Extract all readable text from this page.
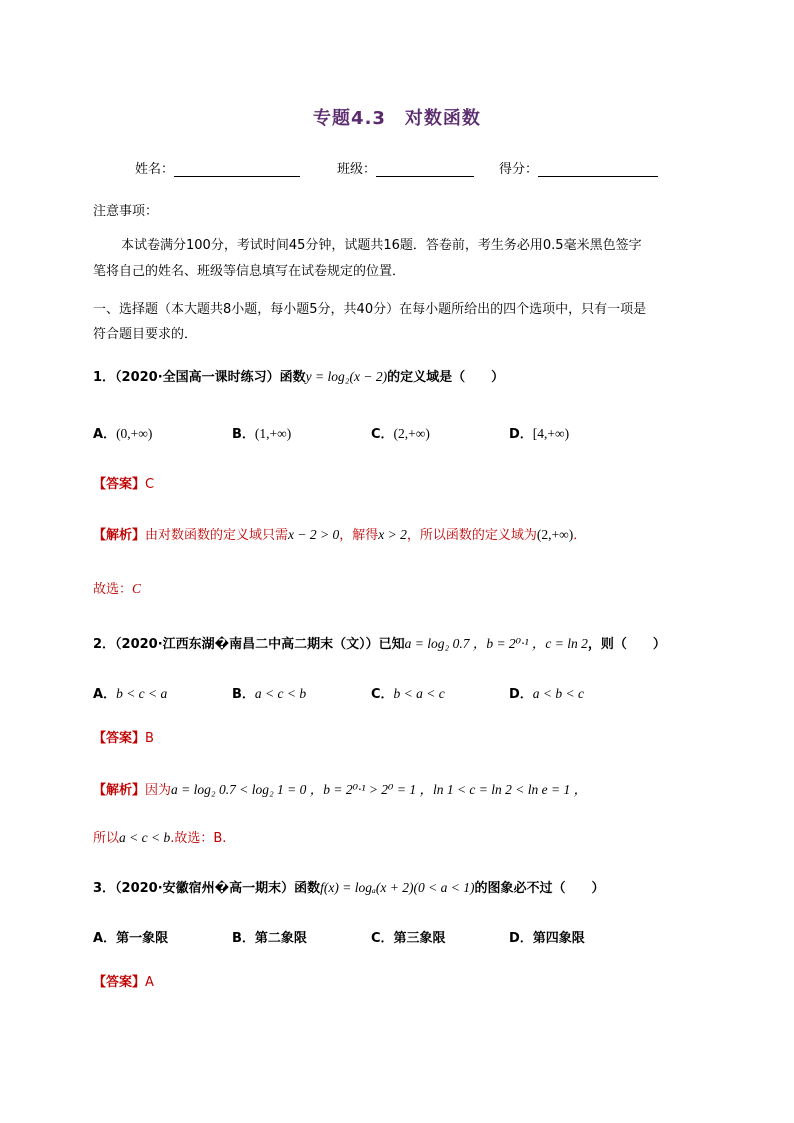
专题4.3　对数函数
姓名：	班级：	得分：
注意事项：
本试卷满分100分，考试时间45分钟，试题共16题．答卷前，考生务必用0.5毫米黑色签字
笔将自己的姓名、班级等信息填写在试卷规定的位置．
一、选择题（本大题共8小题，每小题5分，共40分）在每小题所给出的四个选项中，只有一项是
符合题目要求的．
1．（2020·全国高一课时练习）函数y = log₂(x − 2)的定义域是（　　）
A．(0,+∞)	B．(1,+∞)	C．(2,+∞)	D．[4,+∞)
【答案】C
【解析】由对数函数的定义域只需x − 2 > 0，解得x > 2，所以函数的定义域为(2,+∞)．
故选：C
2．（2020·江西东湖�南昌二中高二期末（文））已知a = log₂ 0.7 ，b = 2⁰·¹ ，c = ln 2，则（　　）
A．b < c < a	B．a < c < b	C．b < a < c	D．a < b < c
【答案】B
【解析】因为a = log₂ 0.7 < log₂ 1 = 0 ，b = 2⁰·¹ > 2⁰ = 1 ，ln 1 < c = ln 2 < ln e = 1 ，
所以a < c < b.故选：B.
3．（2020·安徽宿州�高一期末）函数f(x) = logₐ(x + 2)(0 < a < 1)的图象必不过（　　）
A．第一象限	B．第二象限	C．第三象限	D．第四象限
【答案】A
